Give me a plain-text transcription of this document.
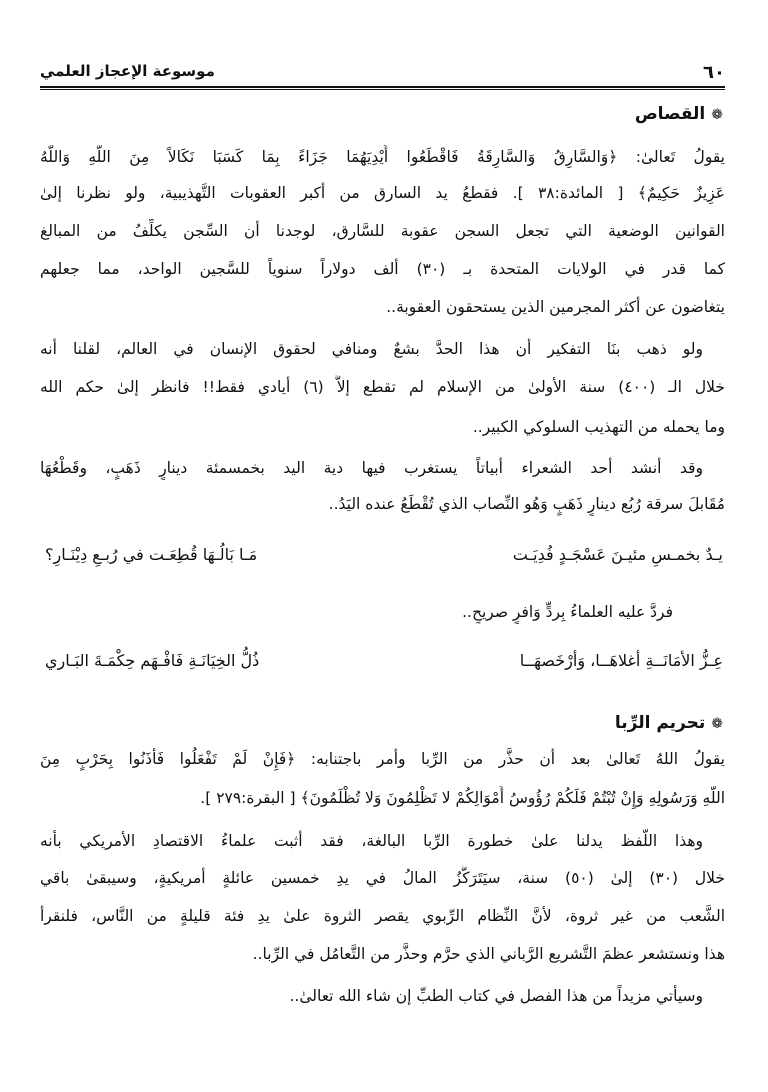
٦٠
موسوعة الإعجاز العلمي
❁القصاص
يقولُ تَعالىٰ: ﴿وَالسَّارِقُ وَالسَّارِقَةُ فَاقْطَعُوا أَيْدِيَهُمَا جَزَاءً بِمَا كَسَبَا نَكَالاً مِنَ اللَّهِ وَاللَّهُ
عَزِيزٌ حَكِيمٌ﴾ [ المائدة:٣٨ ]. فقطعُ يد السارق من أكبر العقوبات التَّهذيبية، ولو نظرنا إلىٰ
القوانين الوضعية التي تجعل السجن عقوبة للسَّارق، لوجدنا أن السِّجن يكلِّفُ من المبالغ
كما قدر في الولايات المتحدة بـ (٣٠) ألف دولاراً سنوياً للسَّجين الواحد، مما جعلهم
يتغاضون عن أكثر المجرمين الذين يستحقون العقوبة..
ولو ذهب بنَا التفكير أن هذا الحدَّ بشعٌ ومنافي لحقوق الإنسان في العالم، لقلنا أنه
خلال الـ (٤٠٠) سنة الأولىٰ من الإسلام لم تقطع إلاَّ (٦) أيادي فقط!! فانظر إلىٰ حكم الله
وما يحمله من التهذيب السلوكي الكبير..
وقد أنشد أحد الشعراء أبياتاً يستغرب فيها دية اليد بخمسمئة دينارٍ ذَهَبٍ، وقَطْعُهَا
مُقَابلَ سرقة رُبُع دينارٍ ذَهَبٍ وَهُو النِّصاب الذي تُقْطَعُ عنده اليَدُ..
يـدٌ بخمـسِ مئيـنَ عَسْجَـدٍ فُدِيَـت
مَـا بَالُـهَا قُطِعَـت في رُبـعِ دِيْنَـارِ؟
فردَّ عليه العلماءُ بِردٍّ وَافرٍ صريحٍ..
عِـزُّ الأمَانَــةِ أغلاهَــا، وَأرْخَصهَــا
ذُلُّ الخِيَانَـةِ فَافْـهَم حِكْمَـةَ البَـاري
❁تحريم الرِّبا
يقولُ اللهُ تَعالىٰ بعد أن حذَّر من الرِّبا وأمر باجتنابه: ﴿فَإِنْ لَمْ تَفْعَلُوا فَأْذَنُوا بِحَرْبٍ مِنَ
اللَّهِ وَرَسُولِهِ وَإِنْ تُبْتُمْ فَلَكُمْ رُؤُوسُ أَمْوَالِكُمْ لا تَظْلِمُونَ وَلا تُظْلَمُونَ﴾ [ البقرة:٢٧٩ ].
وهذا اللَّفظ يدلنا علىٰ خطورة الرِّبا البالغة، فقد أثبت علماءُ الاقتصادِ الأمريكي بأنه
خلال (٣٠) إلىٰ (٥٠) سنة، سيَتَرَكَّزُ المالُ في يدِ خمسين عائلةٍ أمريكيةٍ، وسيبقىٰ باقي
الشَّعب من غير ثروة، لأنَّ النِّظام الرِّبوي يقصر الثروة علىٰ يدِ فئة قليلةٍ من النَّاس، فلنقرأ
هذا ونستشعر عظمَ التَّشريع الرَّباني الذي حرَّم وحذَّر من التَّعامُل في الرِّبا..
وسيأتي مزيداً من هذا الفصل في كتاب الطبِّ إن شاء الله تعالىٰ..
